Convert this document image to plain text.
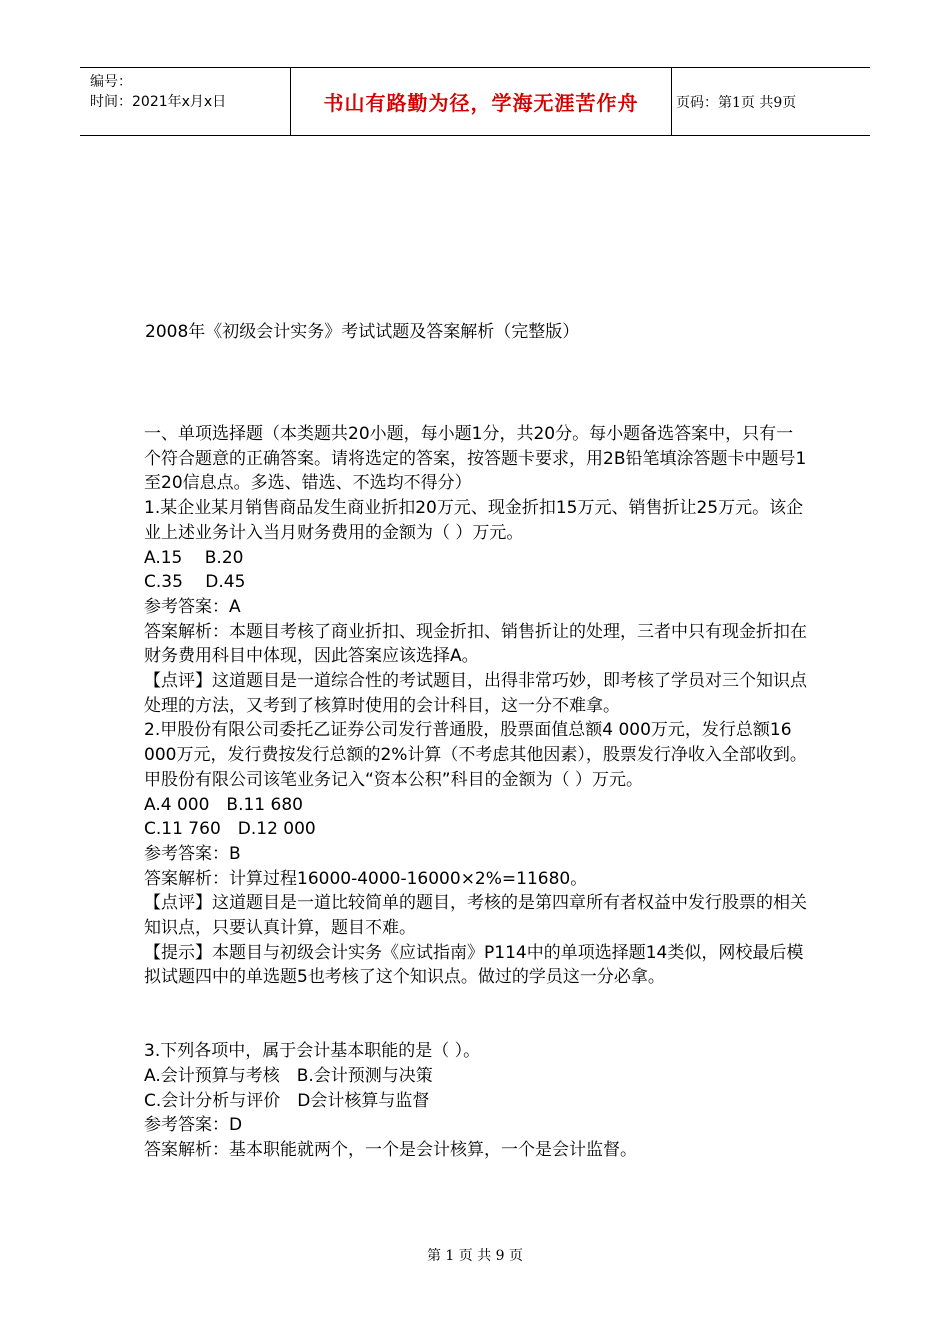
编号：
时间：2021年x月x日	书山有路勤为径，学海无涯苦作舟	页码：第1页 共9页
2008年《初级会计实务》考试试题及答案解析（完整版）

一、单项选择题（本类题共20小题，每小题1分，共20分。每小题备选答案中，只有一个符合题意的正确答案。请将选定的答案，按答题卡要求，用2B铅笔填涂答题卡中题号1至20信息点。多选、错选、不选均不得分）

1.某企业某月销售商品发生商业折扣20万元、现金折扣15万元、销售折让25万元。该企业上述业务计入当月财务费用的金额为（ ）万元。

A.15　 B.20

C.35　 D.45

参考答案：A

答案解析：本题目考核了商业折扣、现金折扣、销售折让的处理，三者中只有现金折扣在财务费用科目中体现，因此答案应该选择A。

【点评】这道题目是一道综合性的考试题目，出得非常巧妙，即考核了学员对三个知识点处理的方法，又考到了核算时使用的会计科目，这一分不难拿。

2.甲股份有限公司委托乙证券公司发行普通股，股票面值总额4 000万元，发行总额16 000万元，发行费按发行总额的2%计算（不考虑其他因素），股票发行净收入全部收到。甲股份有限公司该笔业务记入“资本公积”科目的金额为（ ）万元。

A.4 000　B.11 680

C.11 760　D.12 000

参考答案：B

答案解析：计算过程16000-4000-16000×2%=11680。

【点评】这道题目是一道比较简单的题目，考核的是第四章所有者权益中发行股票的相关知识点，只要认真计算，题目不难。

【提示】本题目与初级会计实务《应试指南》P114中的单项选择题14类似，网校最后模拟试题四中的单选题5也考核了这个知识点。做过的学员这一分必拿。

3.下列各项中，属于会计基本职能的是（ ）。

A.会计预算与考核　B.会计预测与决策

C.会计分析与评价　D会计核算与监督

参考答案：D

答案解析：基本职能就两个，一个是会计核算，一个是会计监督。

第 1 页 共 9 页
